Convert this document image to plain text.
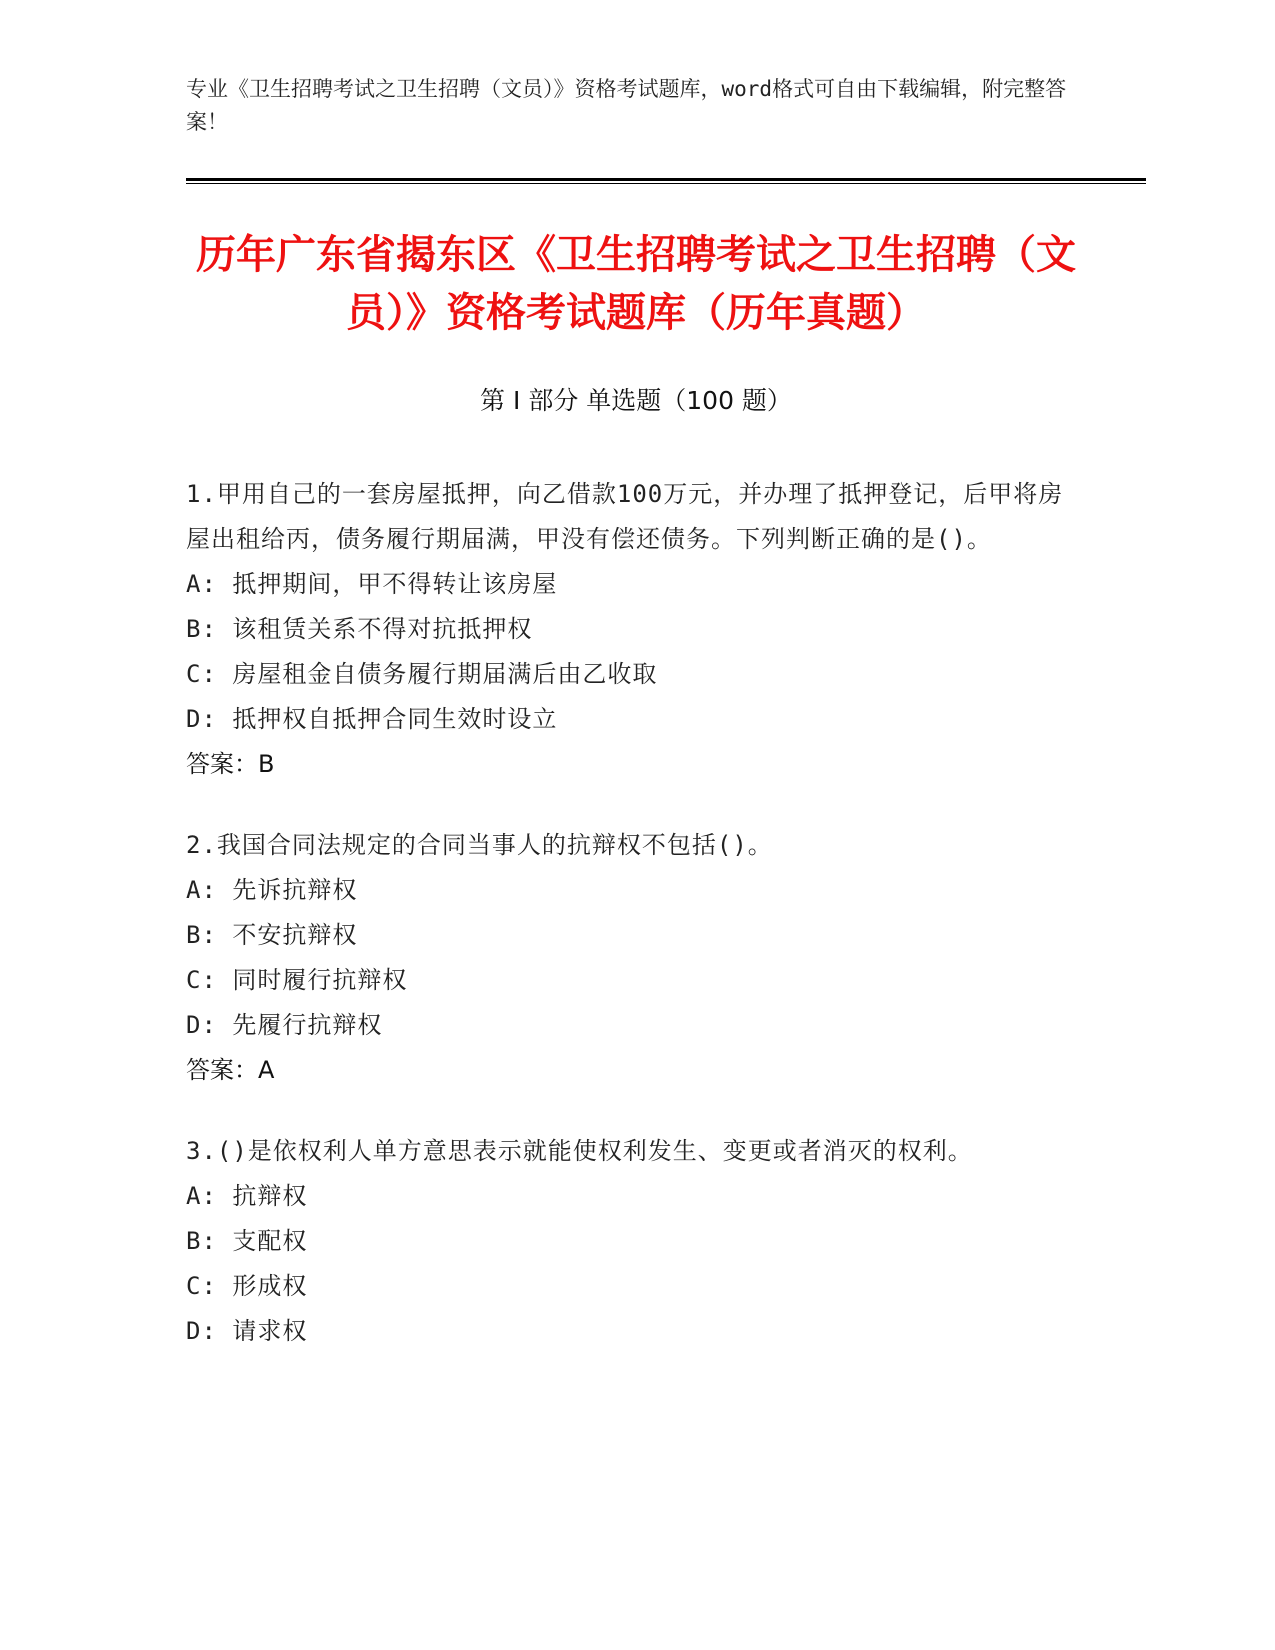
专业《卫生招聘考试之卫生招聘（文员）》资格考试题库，word格式可自由下载编辑，附完整答案！
历年广东省揭东区《卫生招聘考试之卫生招聘（文员）》资格考试题库（历年真题）
第 I 部分 单选题（100 题）
1.甲用自己的一套房屋抵押，向乙借款100万元，并办理了抵押登记，后甲将房屋出租给丙，债务履行期届满，甲没有偿还债务。下列判断正确的是()。
A: 抵押期间，甲不得转让该房屋
B: 该租赁关系不得对抗抵押权
C: 房屋租金自债务履行期届满后由乙收取
D: 抵押权自抵押合同生效时设立
答案：B
2.我国合同法规定的合同当事人的抗辩权不包括()。
A: 先诉抗辩权
B: 不安抗辩权
C: 同时履行抗辩权
D: 先履行抗辩权
答案：A
3.()是依权利人单方意思表示就能使权利发生、变更或者消灭的权利。
A: 抗辩权
B: 支配权
C: 形成权
D: 请求权
